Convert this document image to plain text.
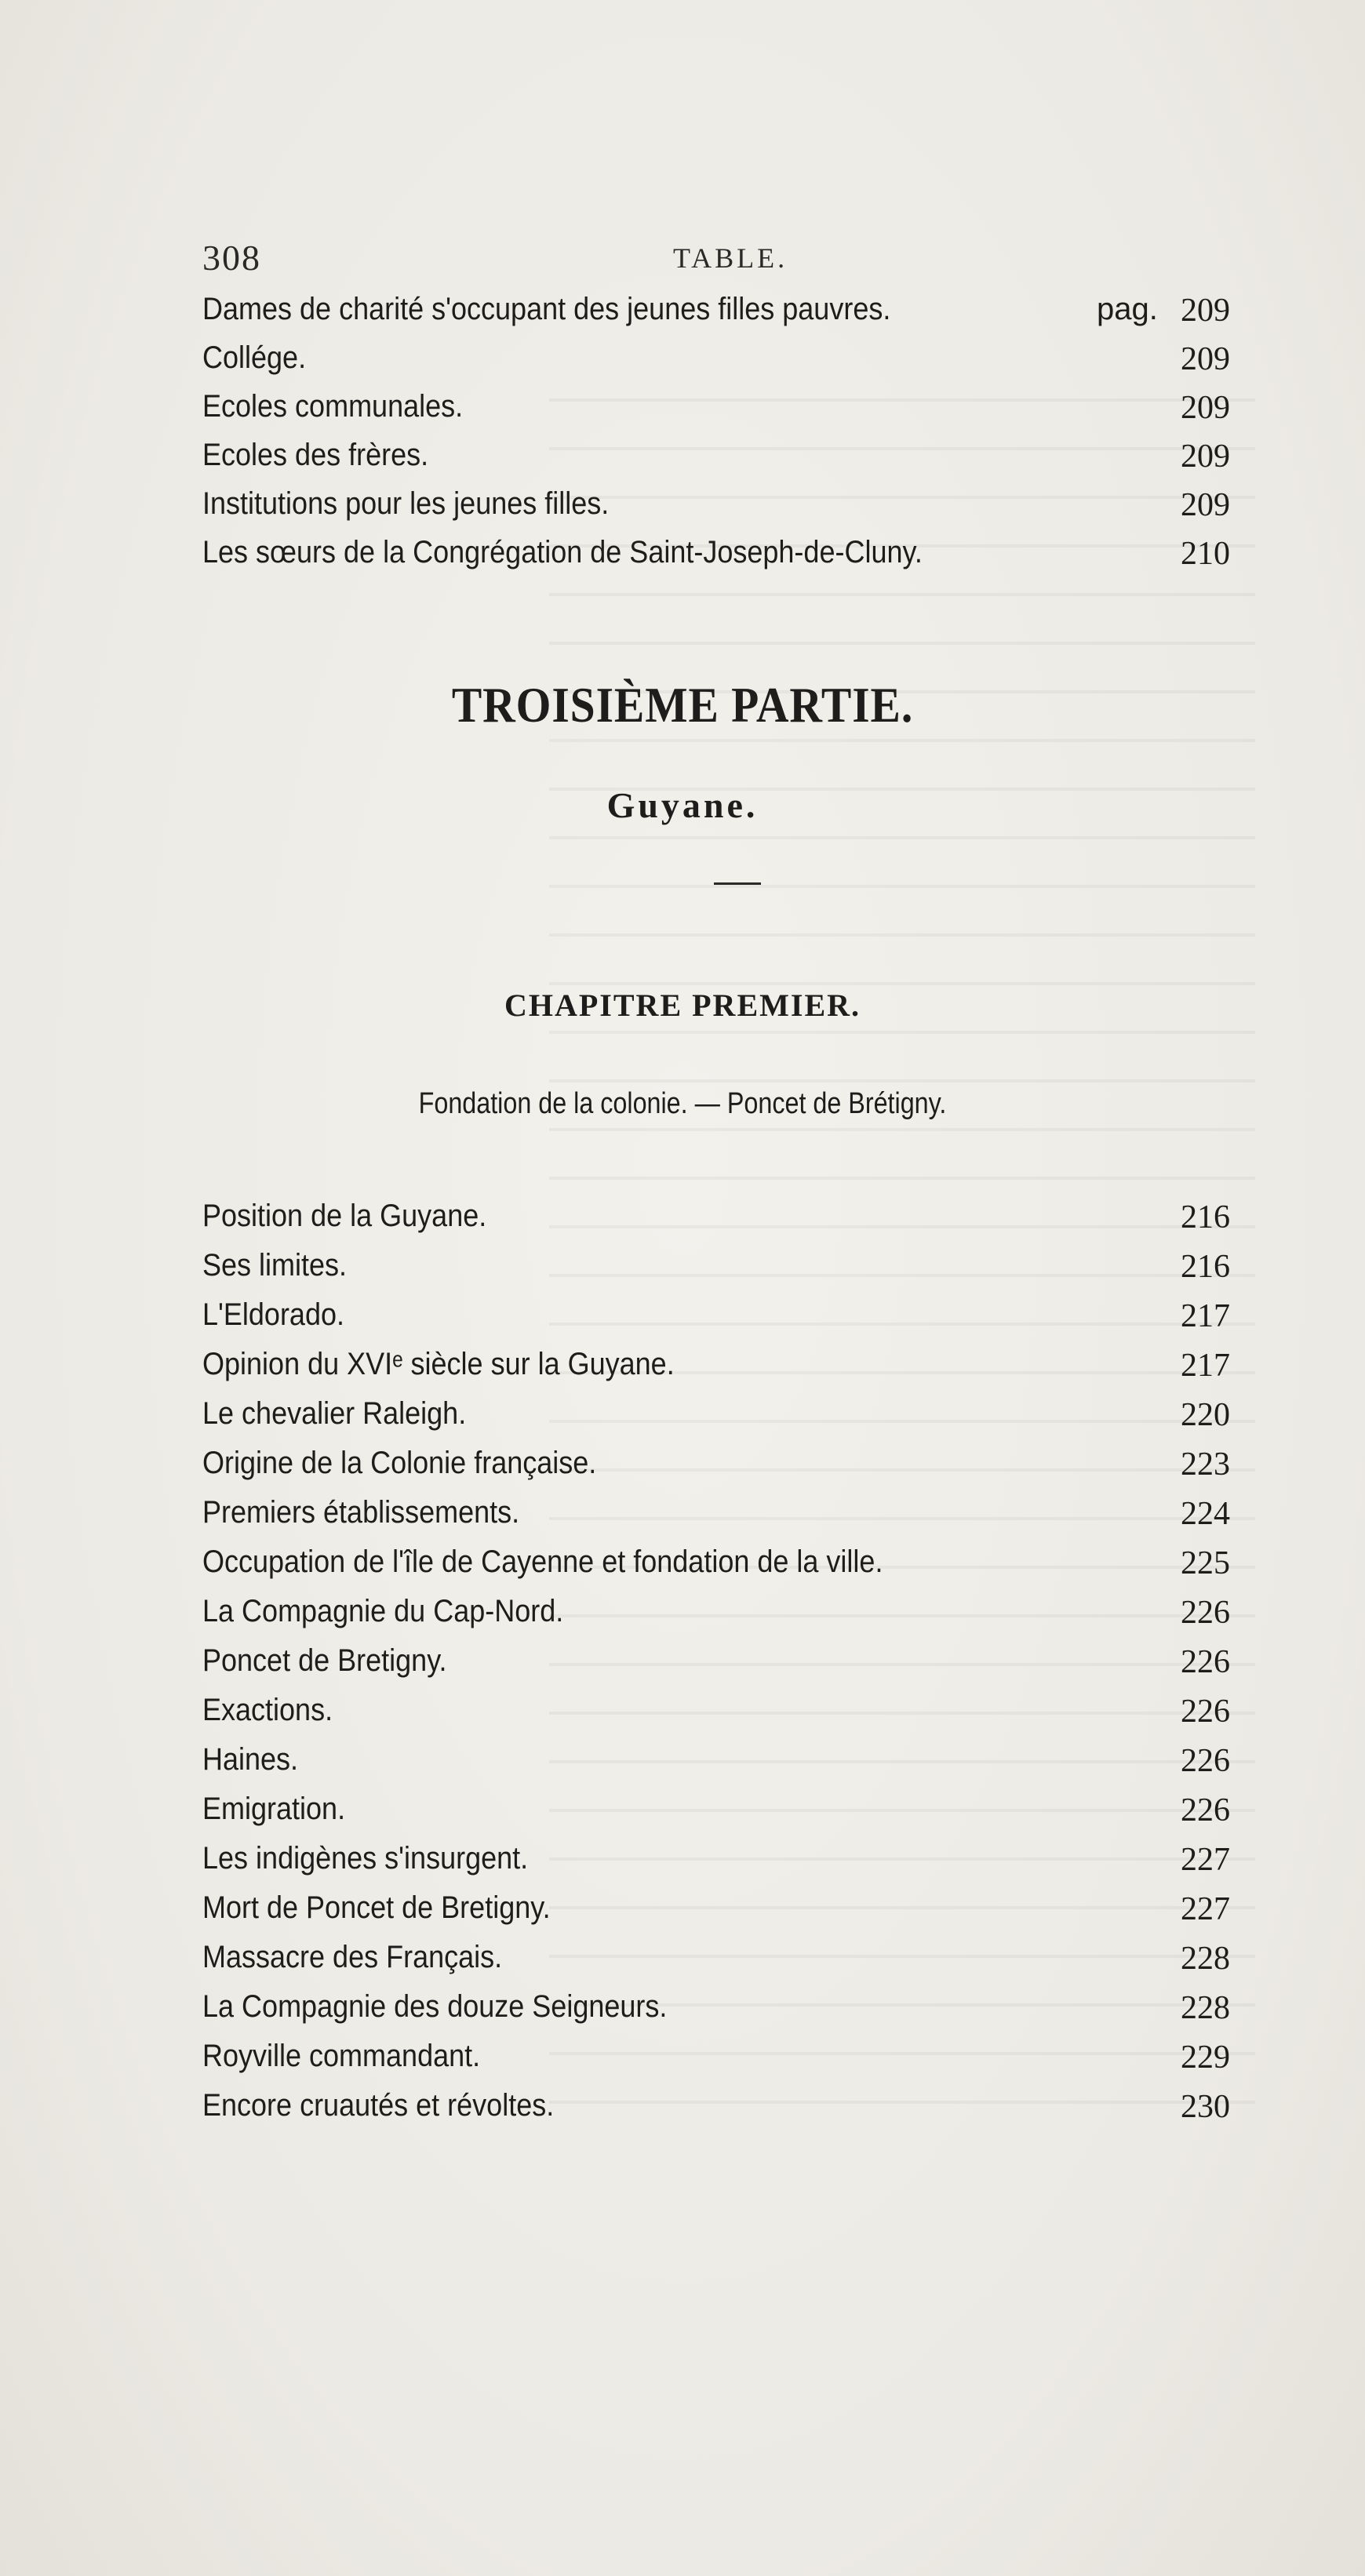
308	TABLE.
Dames de charité s'occupant des jeunes filles pauvres.	pag. 209
Collége.	209
Ecoles communales.	209
Ecoles des frères.	209
Institutions pour les jeunes filles.	209
Les sœurs de la Congrégation de Saint-Joseph-de-Cluny.	210
TROISIÈME PARTIE.
Guyane.
CHAPITRE PREMIER.
Fondation de la colonie. — Poncet de Brétigny.
Position de la Guyane.	216
Ses limites.	216
L'Eldorado.	217
Opinion du XVIᵉ siècle sur la Guyane.	217
Le chevalier Raleigh.	220
Origine de la Colonie française.	223
Premiers établissements.	224
Occupation de l'île de Cayenne et fondation de la ville.	225
La Compagnie du Cap-Nord.	226
Poncet de Bretigny.	226
Exactions.	226
Haines.	226
Emigration.	226
Les indigènes s'insurgent.	227
Mort de Poncet de Bretigny.	227
Massacre des Français.	228
La Compagnie des douze Seigneurs.	228
Royville commandant.	229
Encore cruautés et révoltes.	230
